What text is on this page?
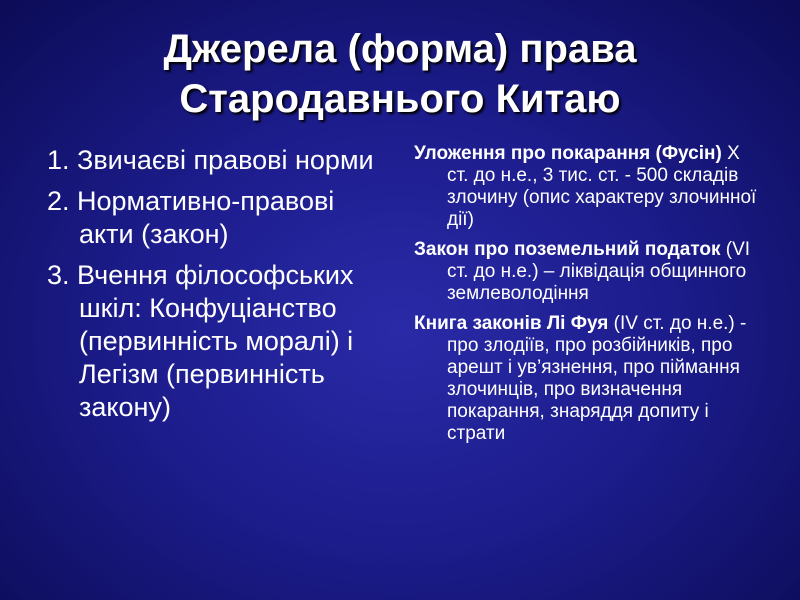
Джерела (форма) права
Стародавнього Китаю
1. Звичаєві правові норми
2. Нормативно-правові акти (закон)
3. Вчення філософських шкіл: Конфуціанство (первинність моралі) і Легізм (первинність закону)
Уложення про покарання (Фусін) X ст. до н.е., 3 тис. ст. - 500 складів злочину (опис характеру злочинної дії)
Закон про поземельний податок (VI ст. до н.е.) – ліквідація общинного землеволодіння
Книга законів Лі Фуя (IV ст. до н.е.) - про злодіїв, про розбійників, про арешт і ув’язнення, про піймання злочинців, про визначення покарання, знаряддя допиту і страти
